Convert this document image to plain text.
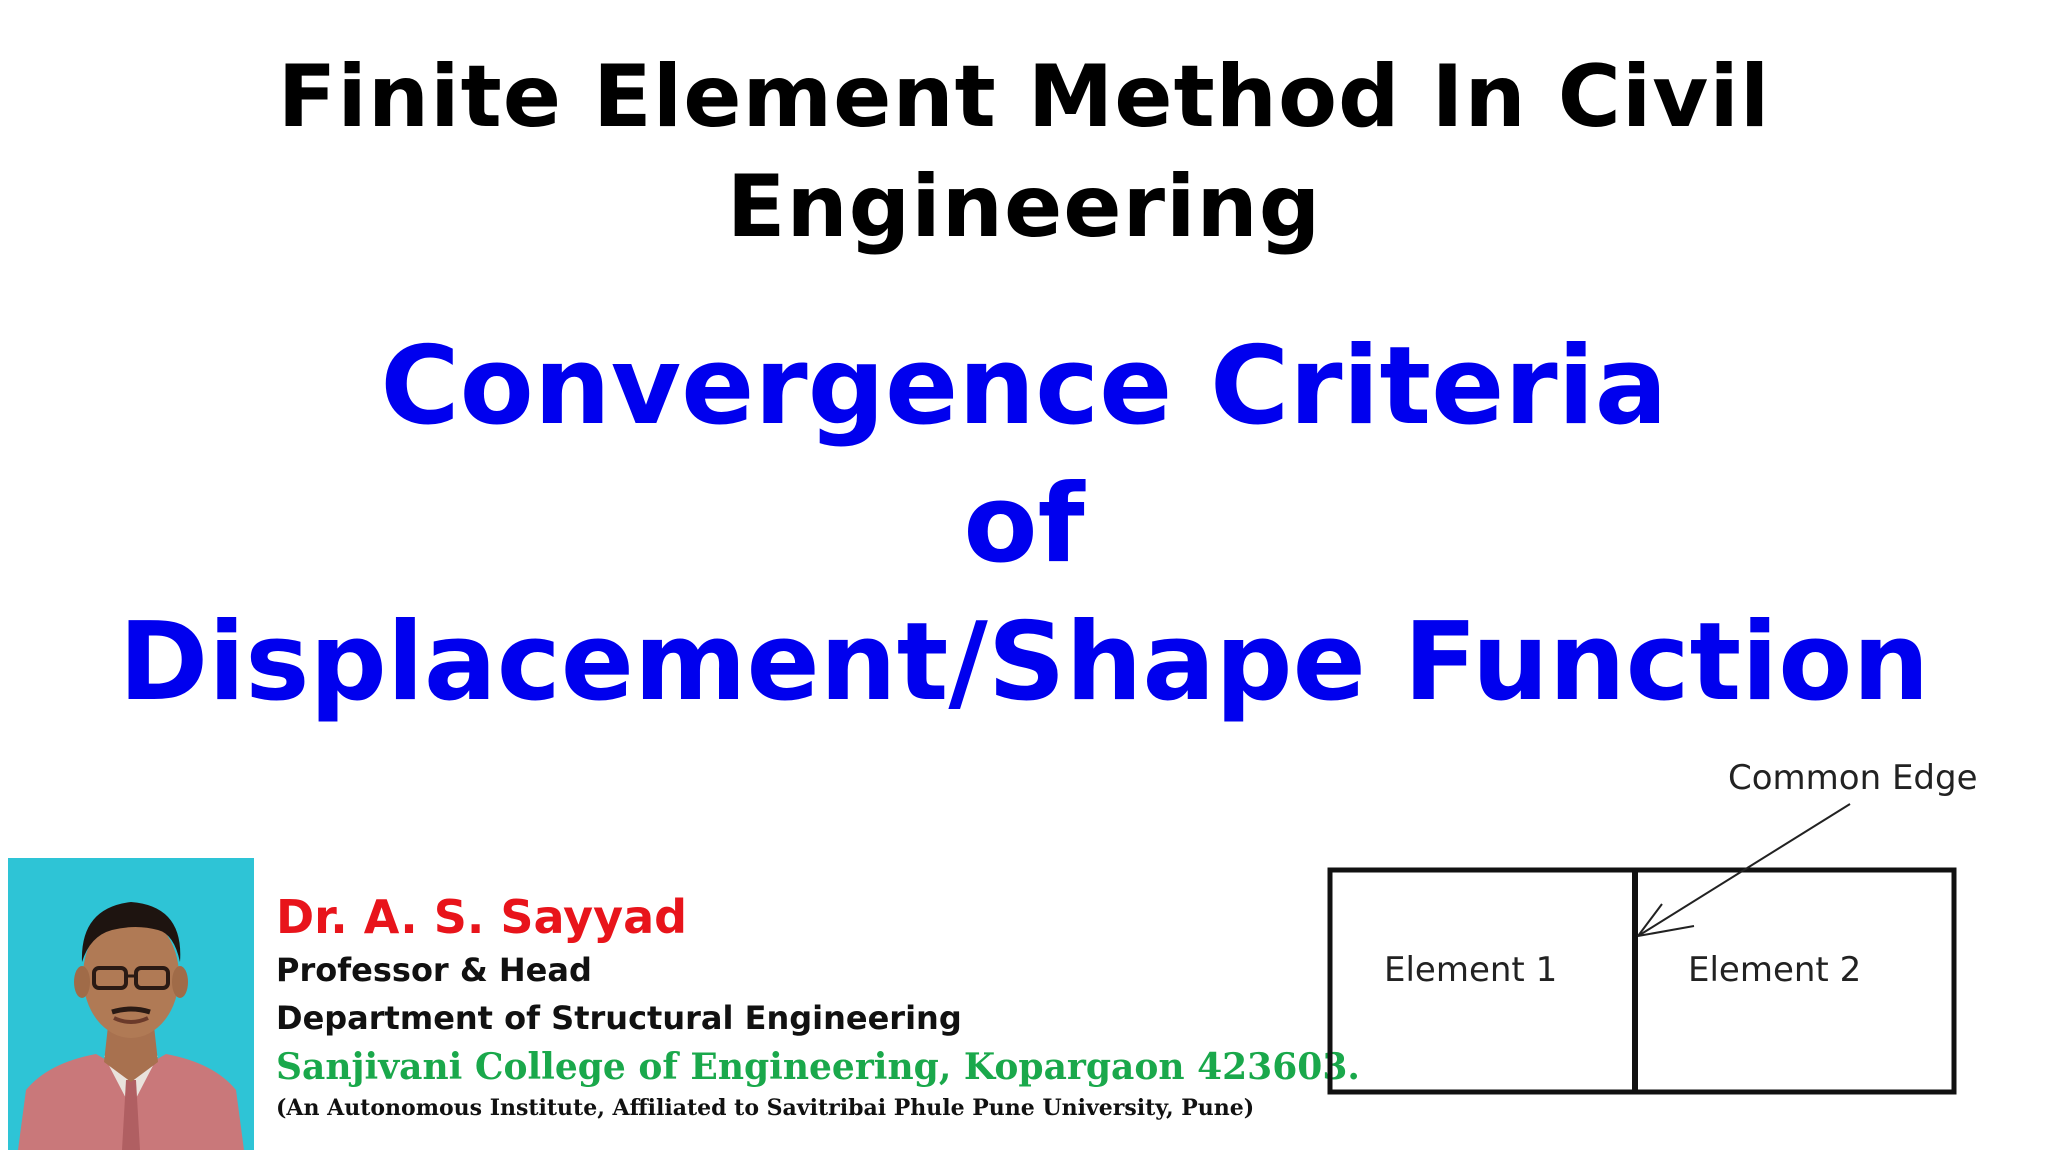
Finite Element Method In Civil
Engineering
Convergence Criteria
of
Displacement/Shape Function
Dr. A. S. Sayyad
Professor & Head
Department of Structural Engineering
Sanjivani College of Engineering, Kopargaon 423603.
(An Autonomous Institute, Affiliated to Savitribai Phule Pune University, Pune)
Common Edge
Element 1	Element 2
